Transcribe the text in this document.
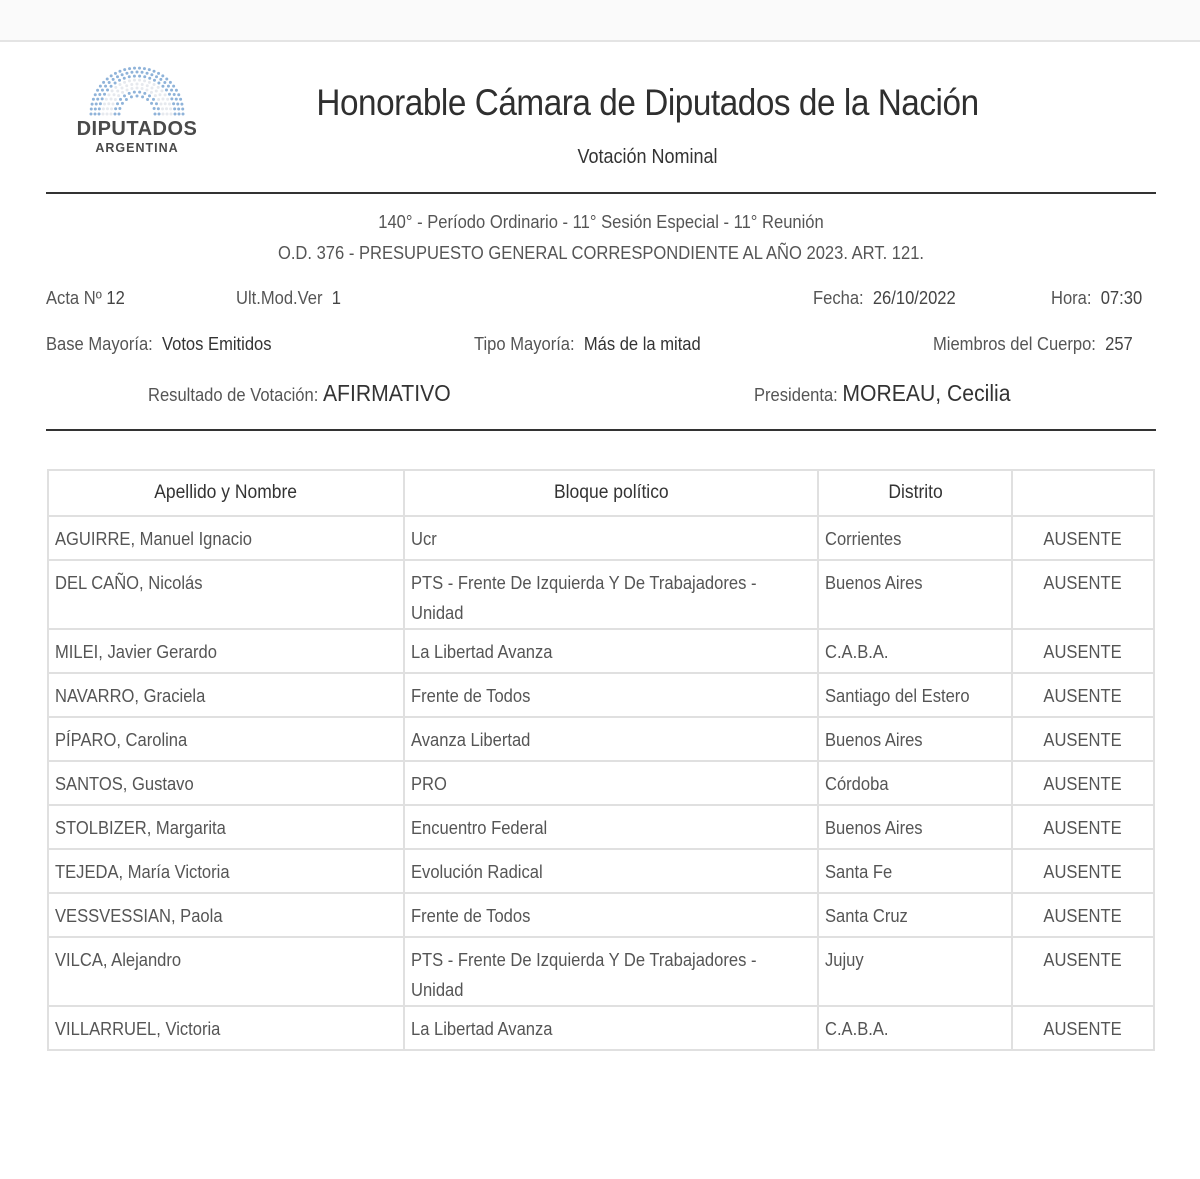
DIPUTADOS
ARGENTINA
Honorable Cámara de Diputados de la Nación
Votación Nominal
140° - Período Ordinario - 11° Sesión Especial - 11° Reunión
O.D. 376 - PRESUPUESTO GENERAL CORRESPONDIENTE AL AÑO 2023. ART. 121.
Acta Nº 12	Ult.Mod.Ver 1	Fecha: 26/10/2022	Hora: 07:30
Base Mayoría: Votos Emitidos	Tipo Mayoría: Más de la mitad	Miembros del Cuerpo: 257
Resultado de Votación: AFIRMATIVO	Presidenta: MOREAU, Cecilia
Apellido y Nombre	Bloque político	Distrito	
AGUIRRE, Manuel Ignacio	Ucr	Corrientes	AUSENTE
DEL CAÑO, Nicolás	PTS - Frente De Izquierda Y De Trabajadores - Unidad	Buenos Aires	AUSENTE
MILEI, Javier Gerardo	La Libertad Avanza	C.A.B.A.	AUSENTE
NAVARRO, Graciela	Frente de Todos	Santiago del Estero	AUSENTE
PÍPARO, Carolina	Avanza Libertad	Buenos Aires	AUSENTE
SANTOS, Gustavo	PRO	Córdoba	AUSENTE
STOLBIZER, Margarita	Encuentro Federal	Buenos Aires	AUSENTE
TEJEDA, María Victoria	Evolución Radical	Santa Fe	AUSENTE
VESSVESSIAN, Paola	Frente de Todos	Santa Cruz	AUSENTE
VILCA, Alejandro	PTS - Frente De Izquierda Y De Trabajadores - Unidad	Jujuy	AUSENTE
VILLARRUEL, Victoria	La Libertad Avanza	C.A.B.A.	AUSENTE
